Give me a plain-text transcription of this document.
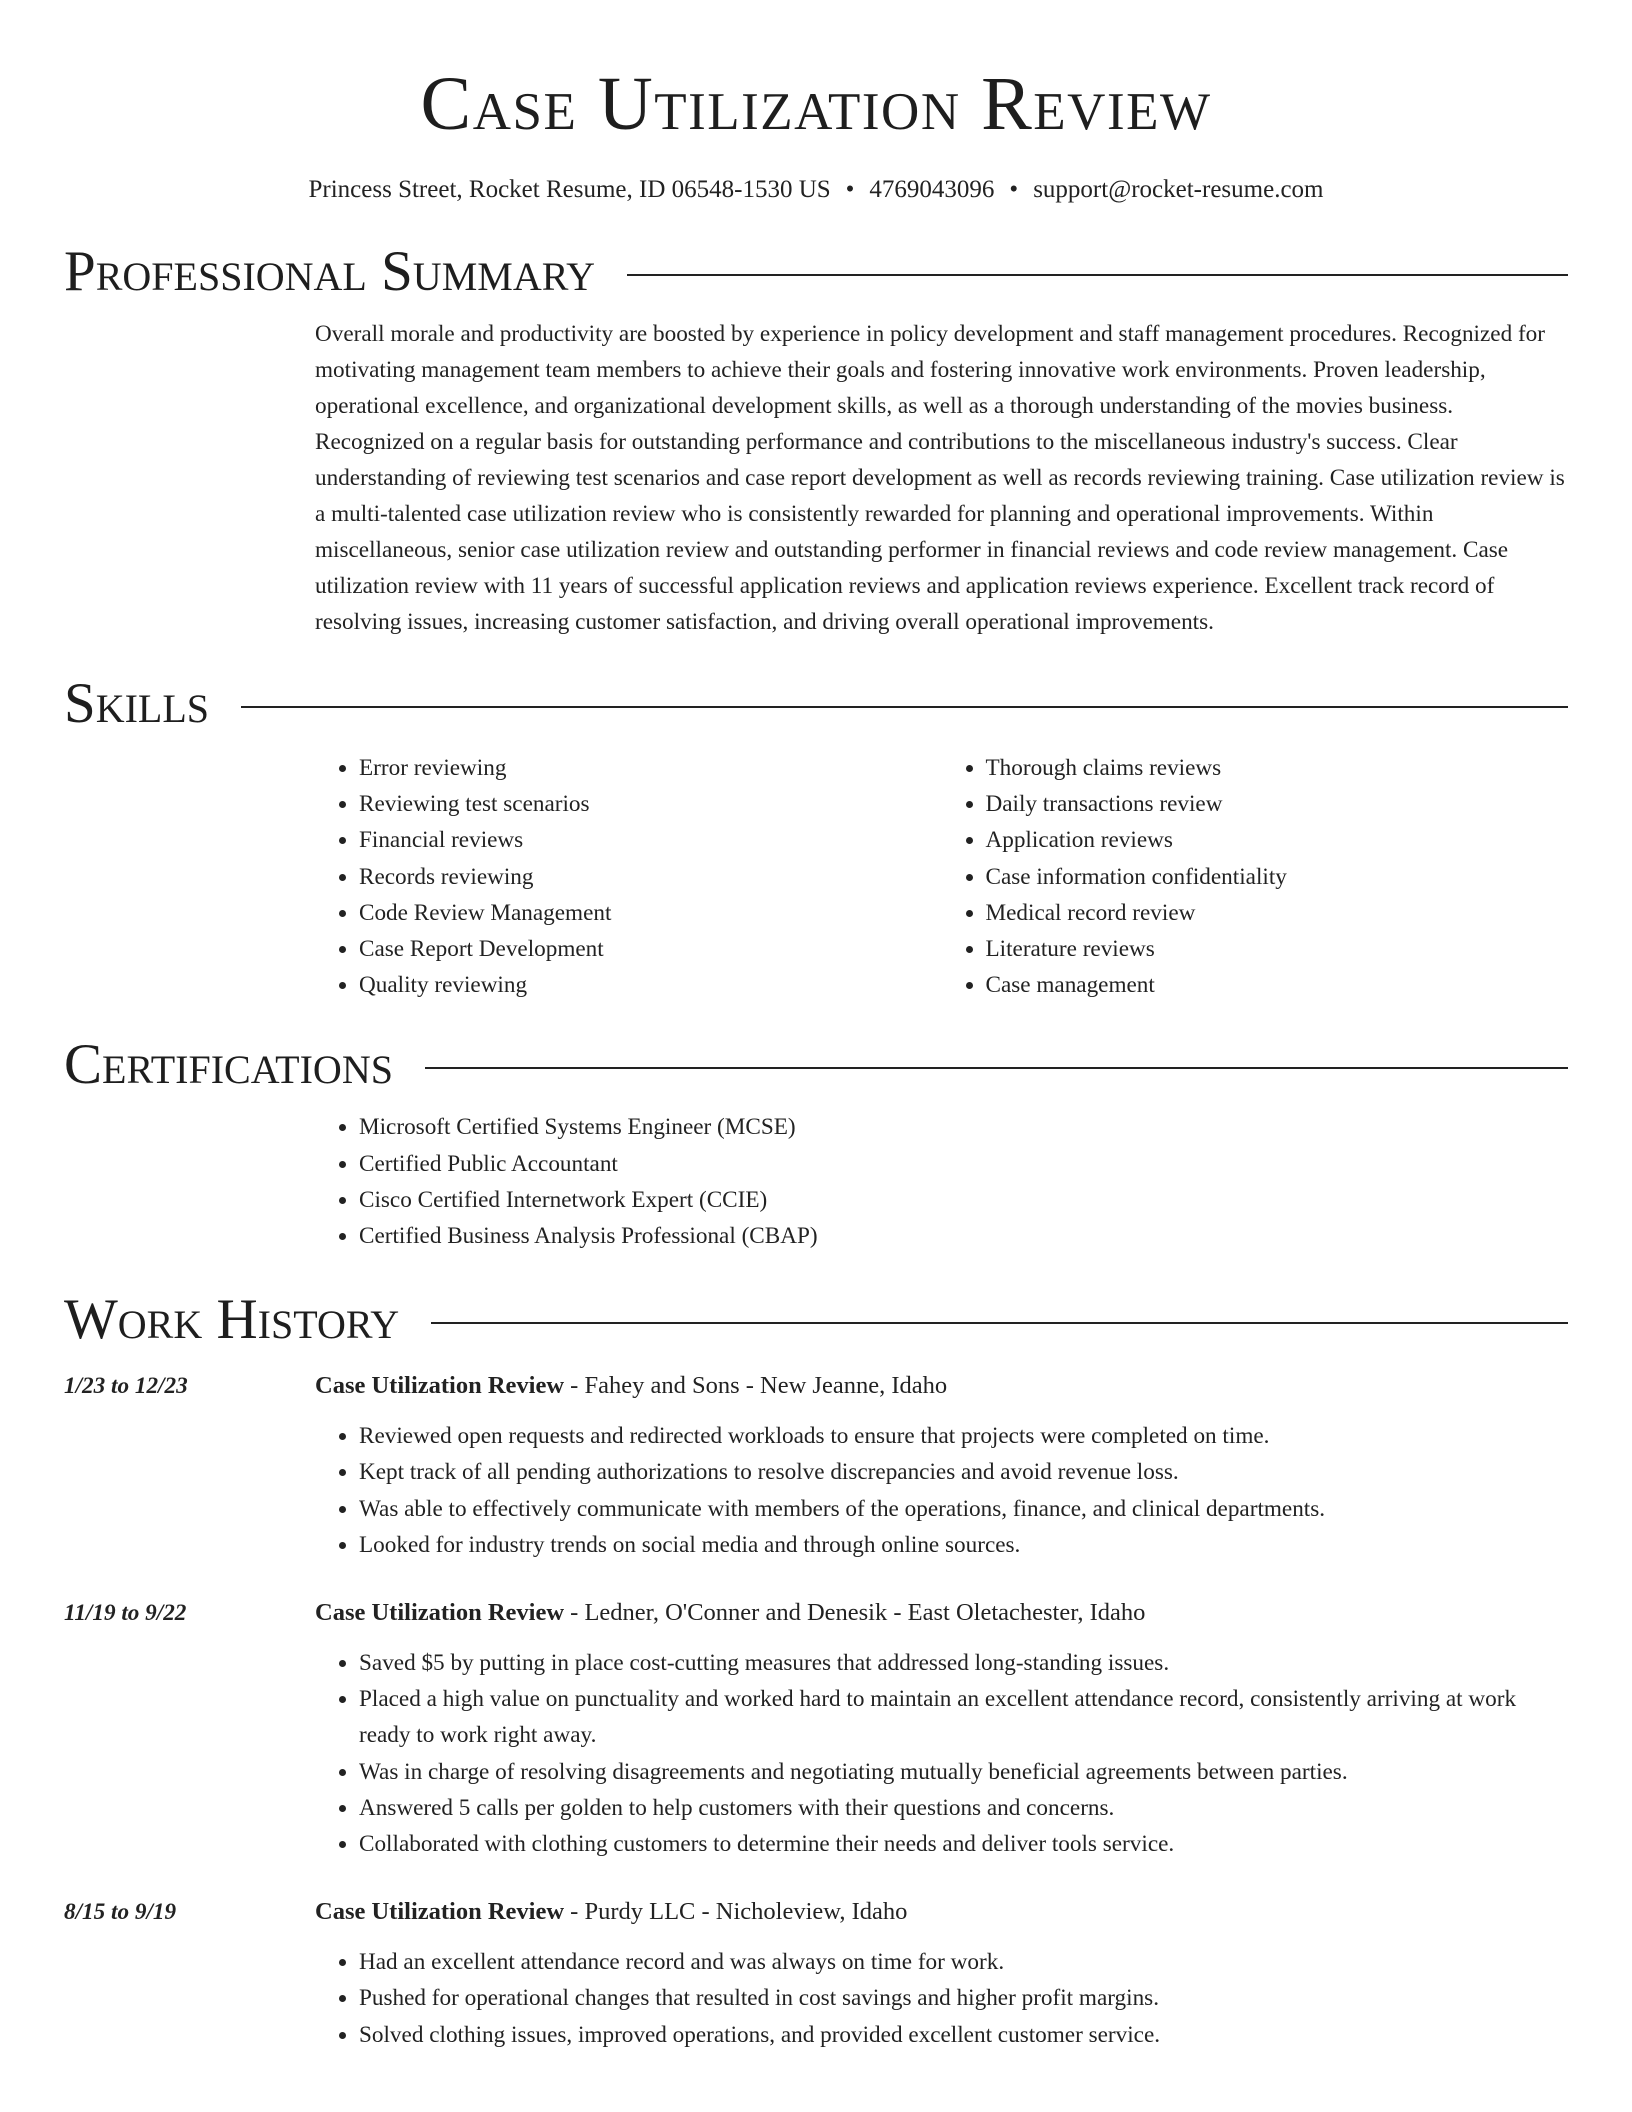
Case Utilization Review
Princess Street, Rocket Resume, ID 06548-1530 US • 4769043096 • support@rocket-resume.com
Professional Summary

Overall morale and productivity are boosted by experience in policy development and staff management procedures. Recognized for motivating management team members to achieve their goals and fostering innovative work environments. Proven leadership, operational excellence, and organizational development skills, as well as a thorough understanding of the movies business. Recognized on a regular basis for outstanding performance and contributions to the miscellaneous industry's success. Clear understanding of reviewing test scenarios and case report development as well as records reviewing training. Case utilization review is a multi-talented case utilization review who is consistently rewarded for planning and operational improvements. Within miscellaneous, senior case utilization review and outstanding performer in financial reviews and code review management. Case utilization review with 11 years of successful application reviews and application reviews experience. Excellent track record of resolving issues, increasing customer satisfaction, and driving overall operational improvements.

Skills
• Error reviewing
• Reviewing test scenarios
• Financial reviews
• Records reviewing
• Code Review Management
• Case Report Development
• Quality reviewing
• Thorough claims reviews
• Daily transactions review
• Application reviews
• Case information confidentiality
• Medical record review
• Literature reviews
• Case management
Certifications
• Microsoft Certified Systems Engineer (MCSE)
• Certified Public Accountant
• Cisco Certified Internetwork Expert (CCIE)
• Certified Business Analysis Professional (CBAP)
Work History
1/23 to 12/23	Case Utilization Review - Fahey and Sons - New Jeanne, Idaho
• Reviewed open requests and redirected workloads to ensure that projects were completed on time.
• Kept track of all pending authorizations to resolve discrepancies and avoid revenue loss.
• Was able to effectively communicate with members of the operations, finance, and clinical departments.
• Looked for industry trends on social media and through online sources.
11/19 to 9/22	Case Utilization Review - Ledner, O'Conner and Denesik - East Oletachester, Idaho
• Saved $5 by putting in place cost-cutting measures that addressed long-standing issues.
• Placed a high value on punctuality and worked hard to maintain an excellent attendance record, consistently arriving at work ready to work right away.
• Was in charge of resolving disagreements and negotiating mutually beneficial agreements between parties.
• Answered 5 calls per golden to help customers with their questions and concerns.
• Collaborated with clothing customers to determine their needs and deliver tools service.
8/15 to 9/19	Case Utilization Review - Purdy LLC - Nicholeview, Idaho
• Had an excellent attendance record and was always on time for work.
• Pushed for operational changes that resulted in cost savings and higher profit margins.
• Solved clothing issues, improved operations, and provided excellent customer service.
